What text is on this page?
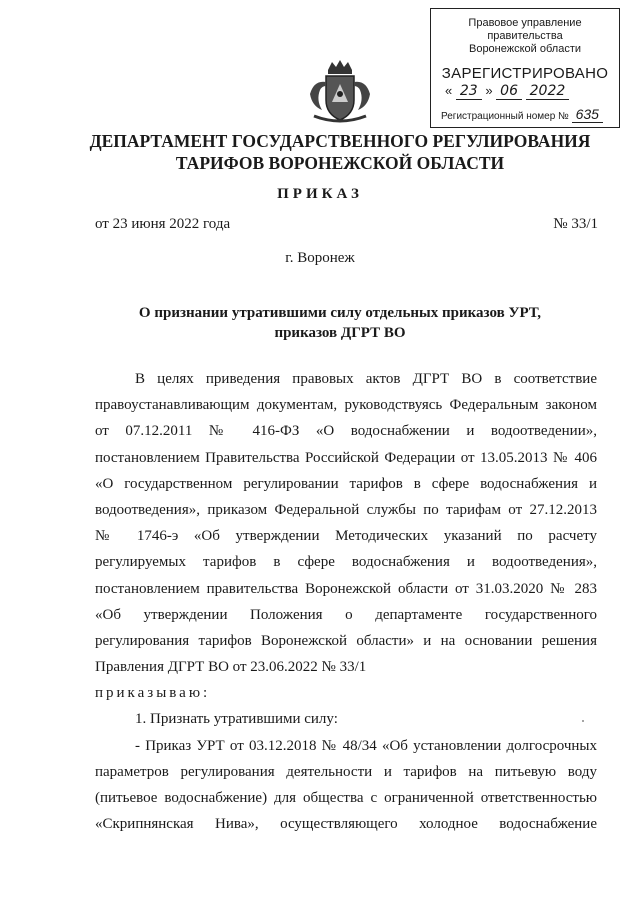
Правовое управление правительства
Воронежской области
ЗАРЕГИСТРИРОВАНО
« 23 » 06 2022
Регистрационный номер № 635
ДЕПАРТАМЕНТ ГОСУДАРСТВЕННОГО РЕГУЛИРОВАНИЯ
ТАРИФОВ ВОРОНЕЖСКОЙ ОБЛАСТИ
ПРИКАЗ
от 23 июня 2022 года	№ 33/1
г. Воронеж
О признании утратившими силу отдельных приказов УРТ,
приказов ДГРТ ВО
В целях приведения правовых актов ДГРТ ВО в соответствие
правоустанавливающим документам, руководствуясь Федеральным законом
от 07.12.2011 № 416-ФЗ «О водоснабжении и водоотведении»,
постановлением Правительства Российской Федерации от 13.05.2013 № 406
«О государственном регулировании тарифов в сфере водоснабжения и
водоотведения», приказом Федеральной службы по тарифам от 27.12.2013
№ 1746-э «Об утверждении Методических указаний по расчету
регулируемых тарифов в сфере водоснабжения и водоотведения»,
постановлением правительства Воронежской области от 31.03.2020 № 283
«Об утверждении Положения о департаменте государственного
регулирования тарифов Воронежской области» и на основании решения
Правления ДГРТ ВО от 23.06.2022 № 33/1
приказываю:
1. Признать утратившими силу:
- Приказ УРТ от 03.12.2018 № 48/34 «Об установлении долгосрочных
параметров регулирования деятельности и тарифов на питьевую воду
(питьевое водоснабжение) для общества с ограниченной ответственностью
«Скрипнянская Нива», осуществляющего холодное водоснабжение
